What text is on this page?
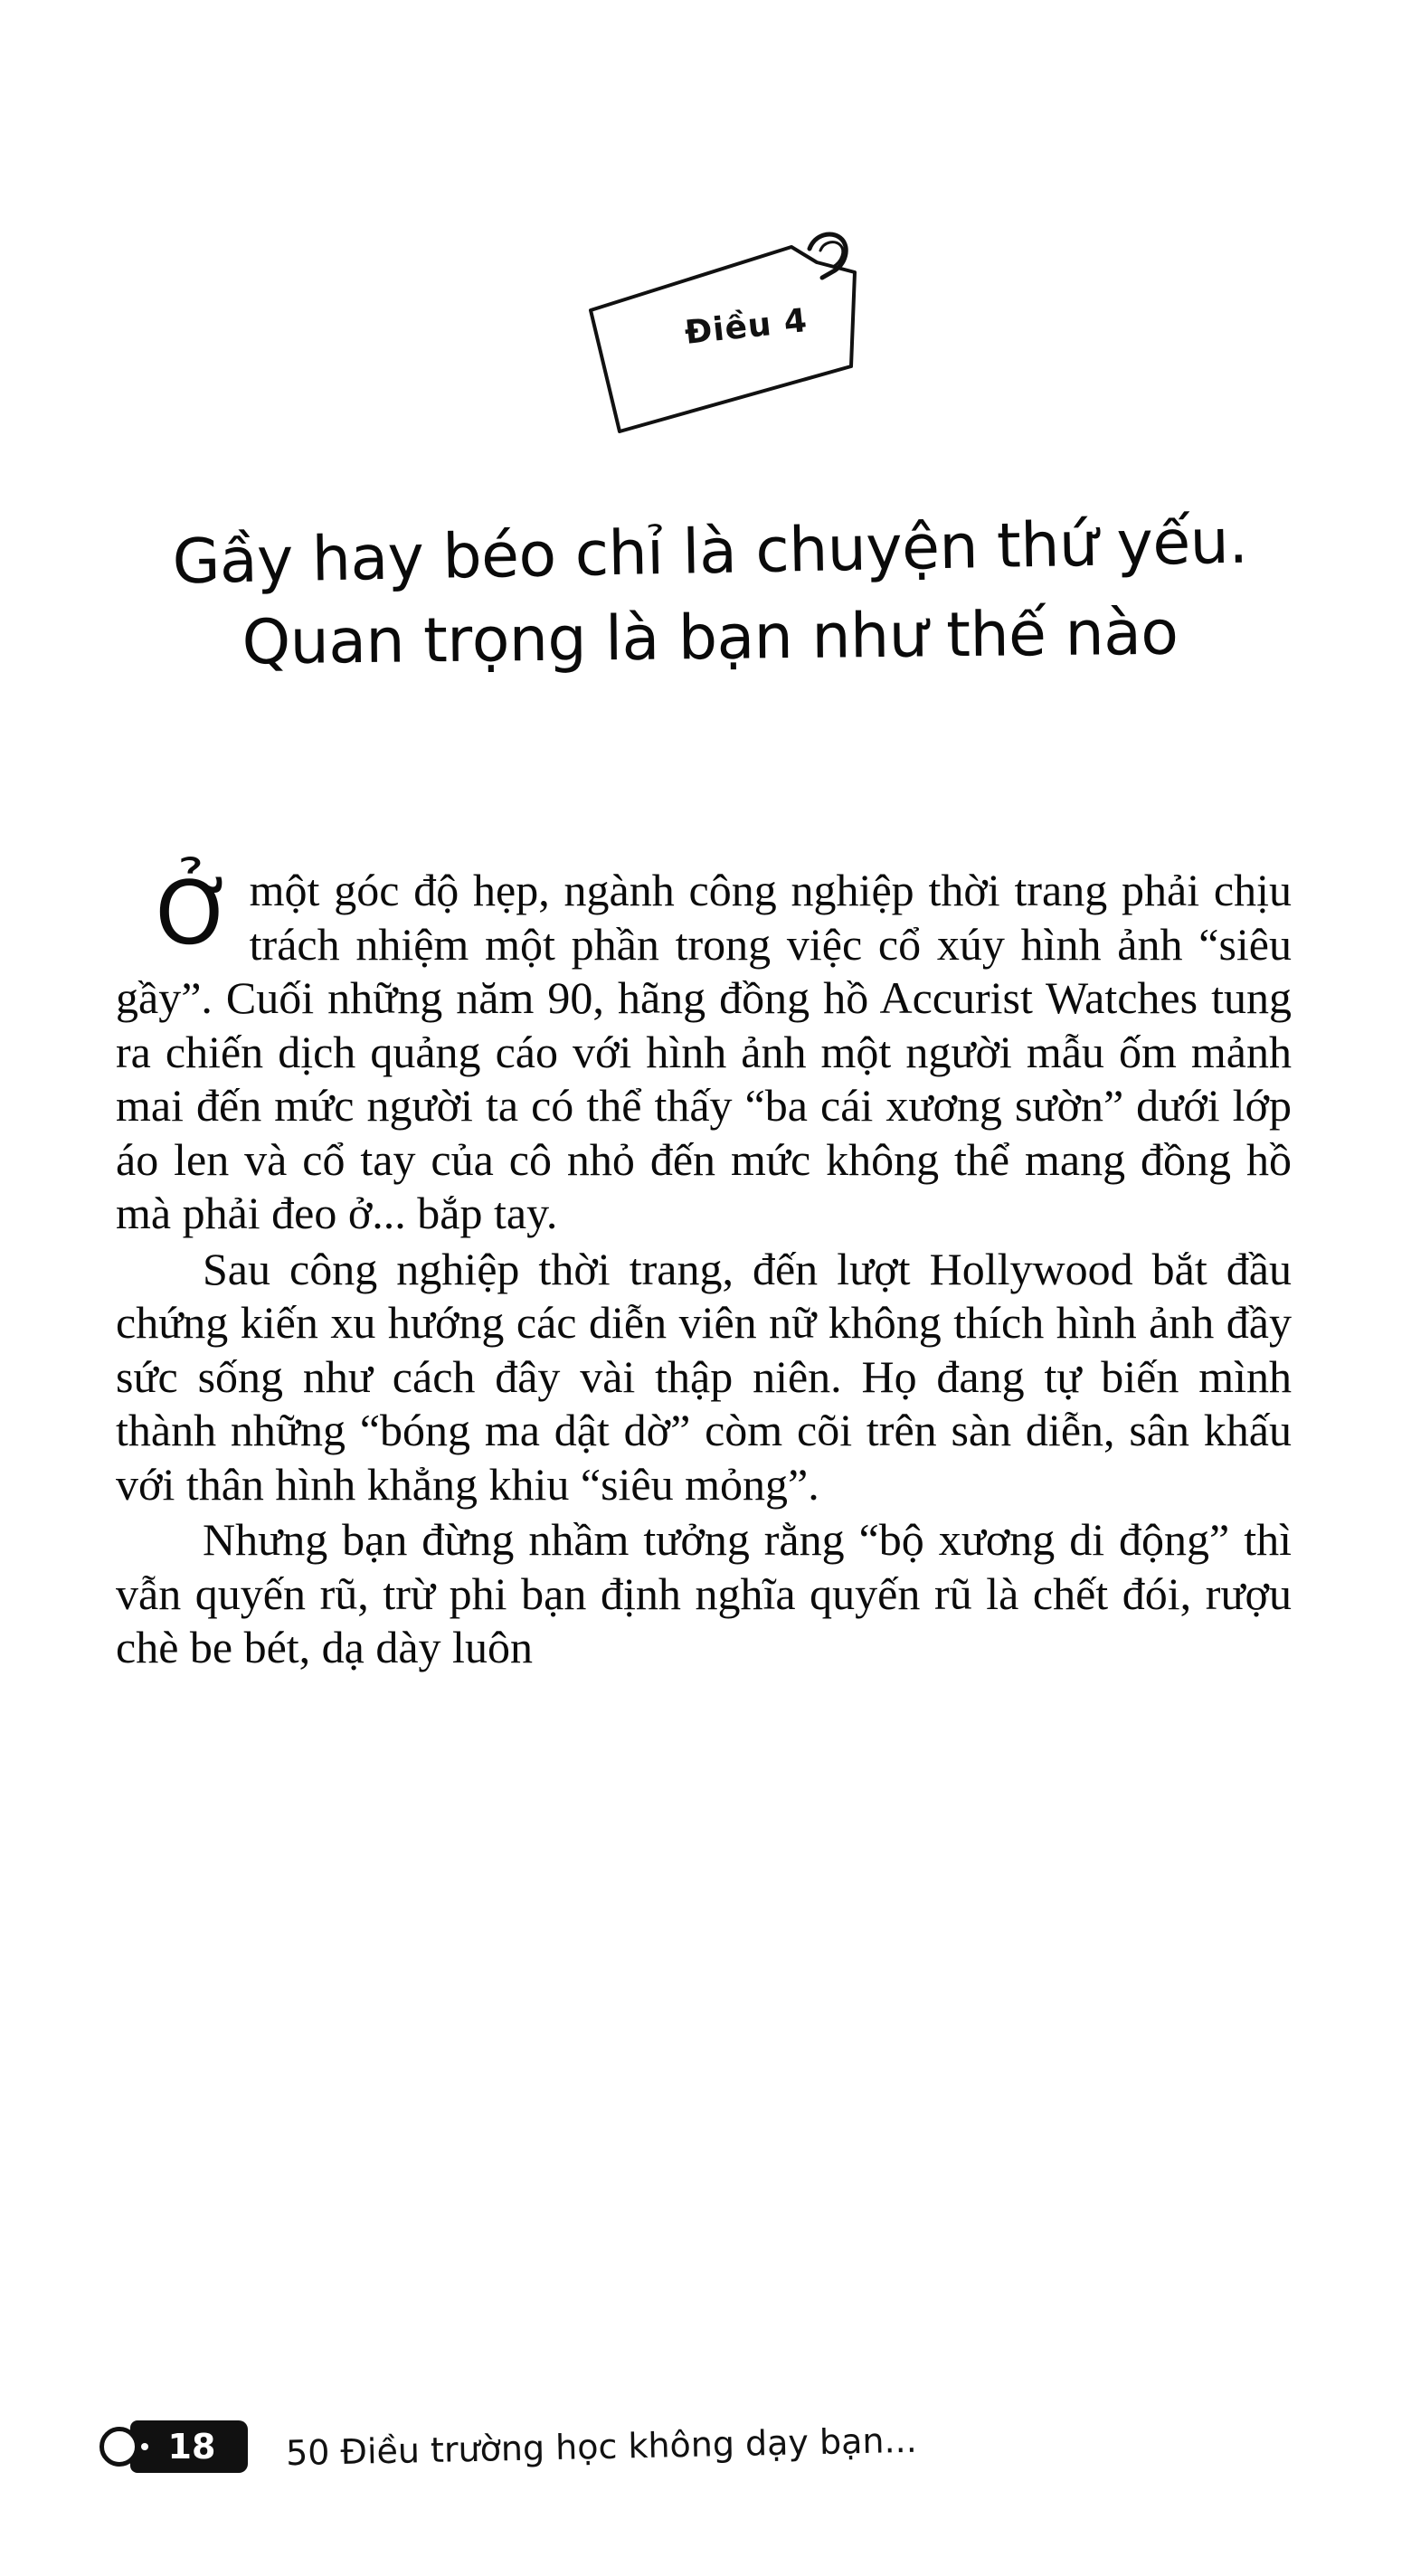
Điều 4
Gầy hay béo chỉ là chuyện thứ yếu.
Quan trọng là bạn như thế nào

Ở một góc độ hẹp, ngành công nghiệp thời trang phải chịu trách nhiệm một phần trong việc cổ xúy hình ảnh “siêu gầy”. Cuối những năm 90, hãng đồng hồ Accurist Watches tung ra chiến dịch quảng cáo với hình ảnh một người mẫu ốm mảnh mai đến mức người ta có thể thấy “ba cái xương sườn” dưới lớp áo len và cổ tay của cô nhỏ đến mức không thể mang đồng hồ mà phải đeo ở... bắp tay.

Sau công nghiệp thời trang, đến lượt Hollywood bắt đầu chứng kiến xu hướng các diễn viên nữ không thích hình ảnh đầy sức sống như cách đây vài thập niên. Họ đang tự biến mình thành những “bóng ma dật dờ” còm cõi trên sàn diễn, sân khấu với thân hình khẳng khiu “siêu mỏng”.

Nhưng bạn đừng nhầm tưởng rằng “bộ xương di động” thì vẫn quyến rũ, trừ phi bạn định nghĩa quyến rũ là chết đói, rượu chè be bét, dạ dày luôn

18 50 Điều trường học không dạy bạn...
